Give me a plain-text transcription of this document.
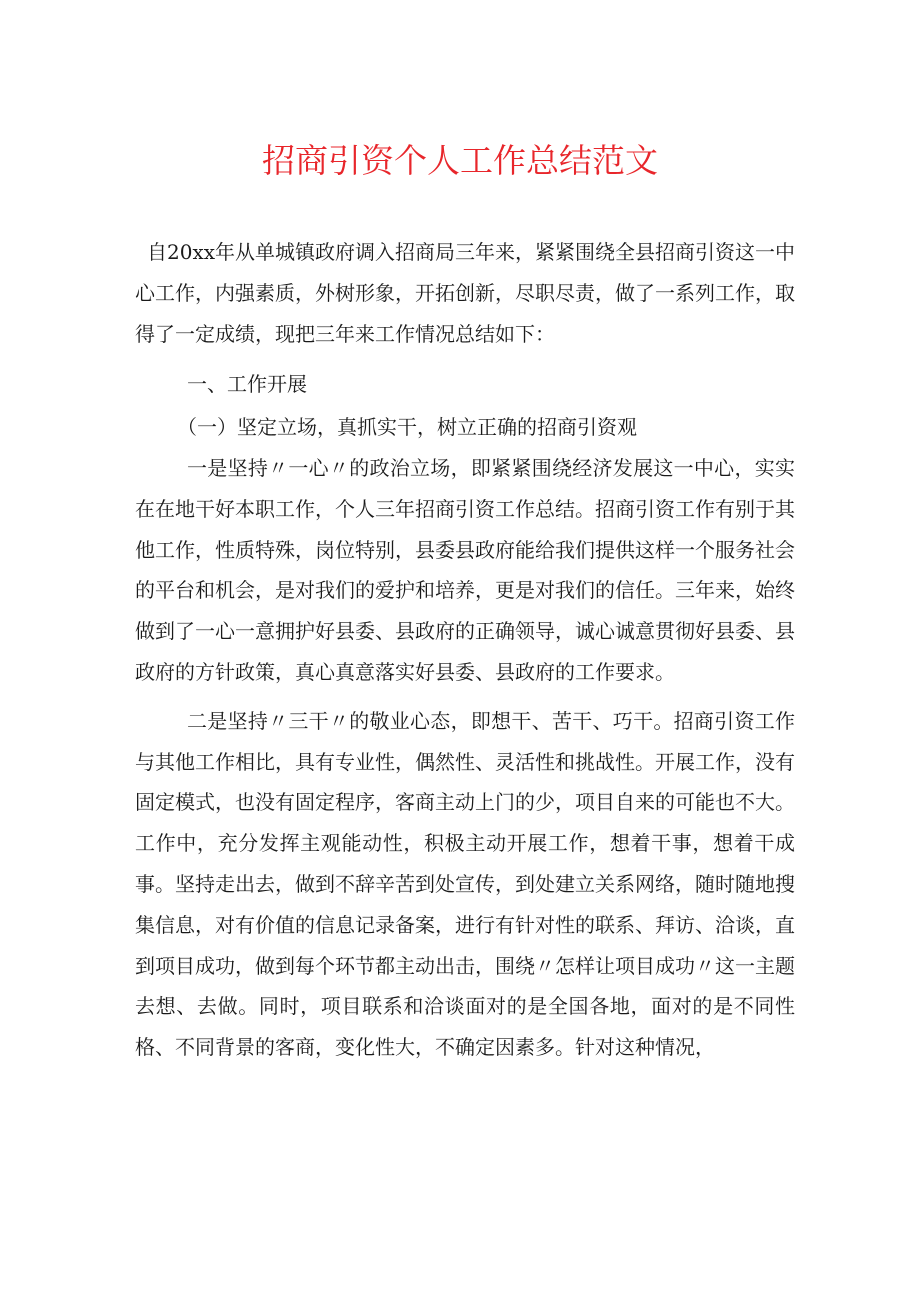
招商引资个人工作总结范文

自20xx年从单城镇政府调入招商局三年来，紧紧围绕全县招商引资这一中心工作，内强素质，外树形象，开拓创新，尽职尽责，做了一系列工作，取得了一定成绩，现把三年来工作情况总结如下：

一、工作开展

（一）坚定立场，真抓实干，树立正确的招商引资观

一是坚持〃一心〃的政治立场，即紧紧围绕经济发展这一中心，实实在在地干好本职工作，个人三年招商引资工作总结。招商引资工作有别于其他工作，性质特殊，岗位特别，县委县政府能给我们提供这样一个服务社会的平台和机会，是对我们的爱护和培养，更是对我们的信任。三年来，始终做到了一心一意拥护好县委、县政府的正确领导，诚心诚意贯彻好县委、县政府的方针政策，真心真意落实好县委、县政府的工作要求。

二是坚持〃三干〃的敬业心态，即想干、苦干、巧干。招商引资工作与其他工作相比，具有专业性，偶然性、灵活性和挑战性。开展工作，没有固定模式，也没有固定程序，客商主动上门的少，项目自来的可能也不大。工作中，充分发挥主观能动性，积极主动开展工作，想着干事，想着干成事。坚持走出去，做到不辞辛苦到处宣传，到处建立关系网络，随时随地搜集信息，对有价值的信息记录备案，进行有针对性的联系、拜访、洽谈，直到项目成功，做到每个环节都主动出击，围绕〃怎样让项目成功〃这一主题去想、去做。同时，项目联系和洽谈面对的是全国各地，面对的是不同性格、不同背景的客商，变化性大，不确定因素多。针对这种情况，
